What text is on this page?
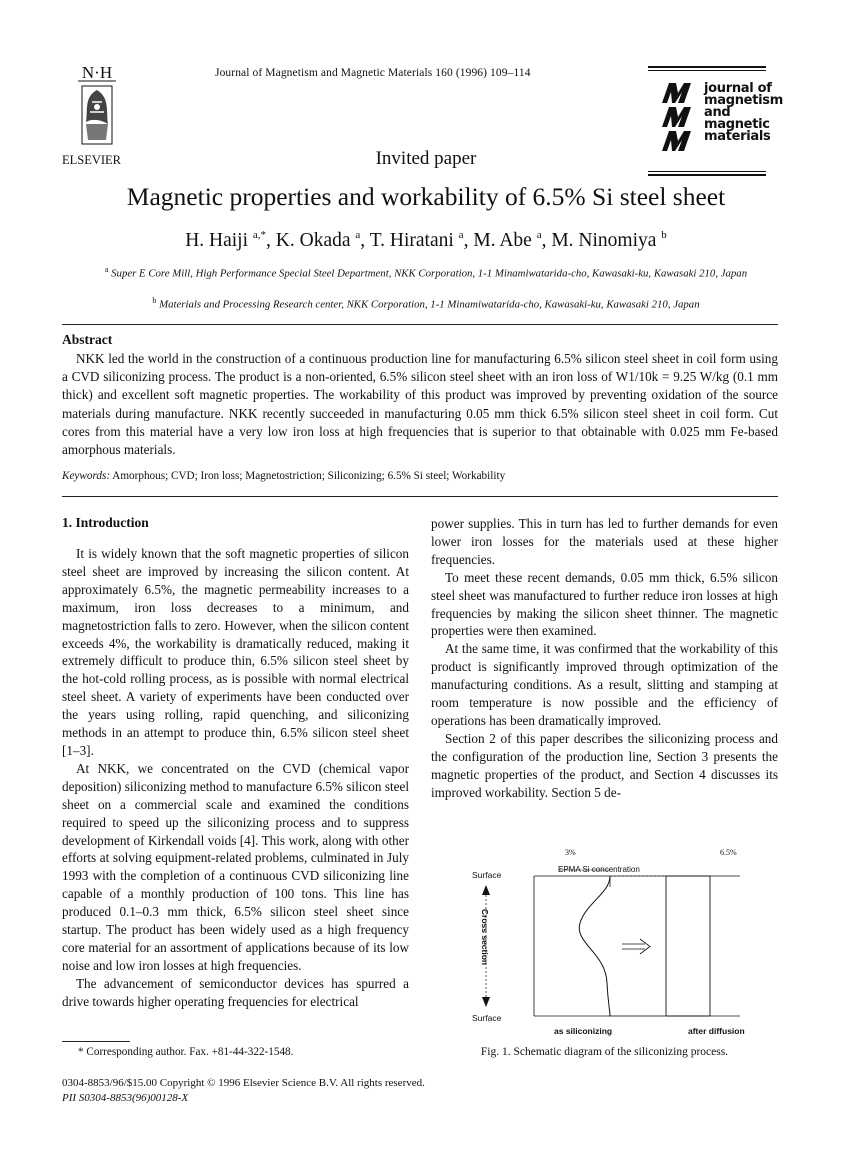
N·H
ELSEVIER
Journal of Magnetism and Magnetic Materials 160 (1996) 109–114
journal of
magnetism
and
magnetic
materials
Invited paper
Magnetic properties and workability of 6.5% Si steel sheet
H. Haiji $^{a,*}$, K. Okada $^a$, T. Hiratani $^a$, M. Abe $^a$, M. Ninomiya $^b$
$^a$ Super E Core Mill, High Performance Special Steel Department, NKK Corporation, 1-1 Minamiwatarida-cho, Kawasaki-ku, Kawasaki 210, Japan
$^b$ Materials and Processing Research center, NKK Corporation, 1-1 Minamiwatarida-cho, Kawasaki-ku, Kawasaki 210, Japan
Abstract
NKK led the world in the construction of a continuous production line for manufacturing 6.5% silicon steel sheet in coil form using a CVD siliconizing process. The product is a non-oriented, 6.5% silicon steel sheet with an iron loss of W1/10k = 9.25 W/kg (0.1 mm thick) and excellent soft magnetic properties. The workability of this product was improved by preventing oxidation of the source materials during manufacture. NKK recently succeeded in manufacturing 0.05 mm thick 6.5% silicon steel sheet in coil form. Cut cores from this material have a very low iron loss at high frequencies that is superior to that obtainable with 0.025 mm Fe-based amorphous materials.
Keywords: Amorphous; CVD; Iron loss; Magnetostriction; Siliconizing; 6.5% Si steel; Workability
1. Introduction

It is widely known that the soft magnetic properties of silicon steel sheet are improved by increasing the silicon content. At approximately 6.5%, the magnetic permeability increases to a maximum, iron loss decreases to a minimum, and magnetostriction falls to zero. However, when the silicon content exceeds 4%, the workability is dramatically reduced, making it extremely difficult to produce thin, 6.5% silicon steel sheet by the hot-cold rolling process, as is possible with normal electrical steel sheet. A variety of experiments have been conducted over the years using rolling, rapid quenching, and siliconizing methods in an attempt to produce thin, 6.5% silicon steel sheet [1–3].

At NKK, we concentrated on the CVD (chemical vapor deposition) siliconizing method to manufacture 6.5% silicon steel sheet on a commercial scale and examined the conditions required to speed up the siliconizing process and to suppress development of Kirkendall voids [4]. This work, along with other efforts at solving equipment-related problems, culminated in July 1993 with the completion of a continuous CVD siliconizing line capable of a monthly production of 100 tons. This line has produced 0.1–0.3 mm thick, 6.5% silicon steel sheet since startup. The product has been widely used as a high frequency core material for an assortment of applications because of its low noise and low iron losses at high frequencies.

The advancement of semiconductor devices has spurred a drive towards higher operating frequencies for electrical

power supplies. This in turn has led to further demands for even lower iron losses for the materials used at these higher frequencies.

To meet these recent demands, 0.05 mm thick, 6.5% silicon steel sheet was manufactured to further reduce iron losses at high frequencies by making the silicon sheet thinner. The magnetic properties were then examined.

At the same time, it was confirmed that the workability of this product is significantly improved through optimization of the manufacturing conditions. As a result, slitting and stamping at room temperature is now possible and the efficiency of operations has been dramatically improved.

Section 2 of this paper describes the siliconizing process and the configuration of the production line, Section 3 presents the magnetic properties of the product, and Section 4 discusses its improved workability. Section 5 de-

3%	6.5%
EPMA Si concentration
Surface
Surface
Cross section
as siliconizing	after diffusion
Fig. 1. Schematic diagram of the siliconizing process.
* Corresponding author. Fax. +81-44-322-1548.
0304-8853/96/$15.00 Copyright © 1996 Elsevier Science B.V. All rights reserved.
PII S0304-8853(96)00128-X
